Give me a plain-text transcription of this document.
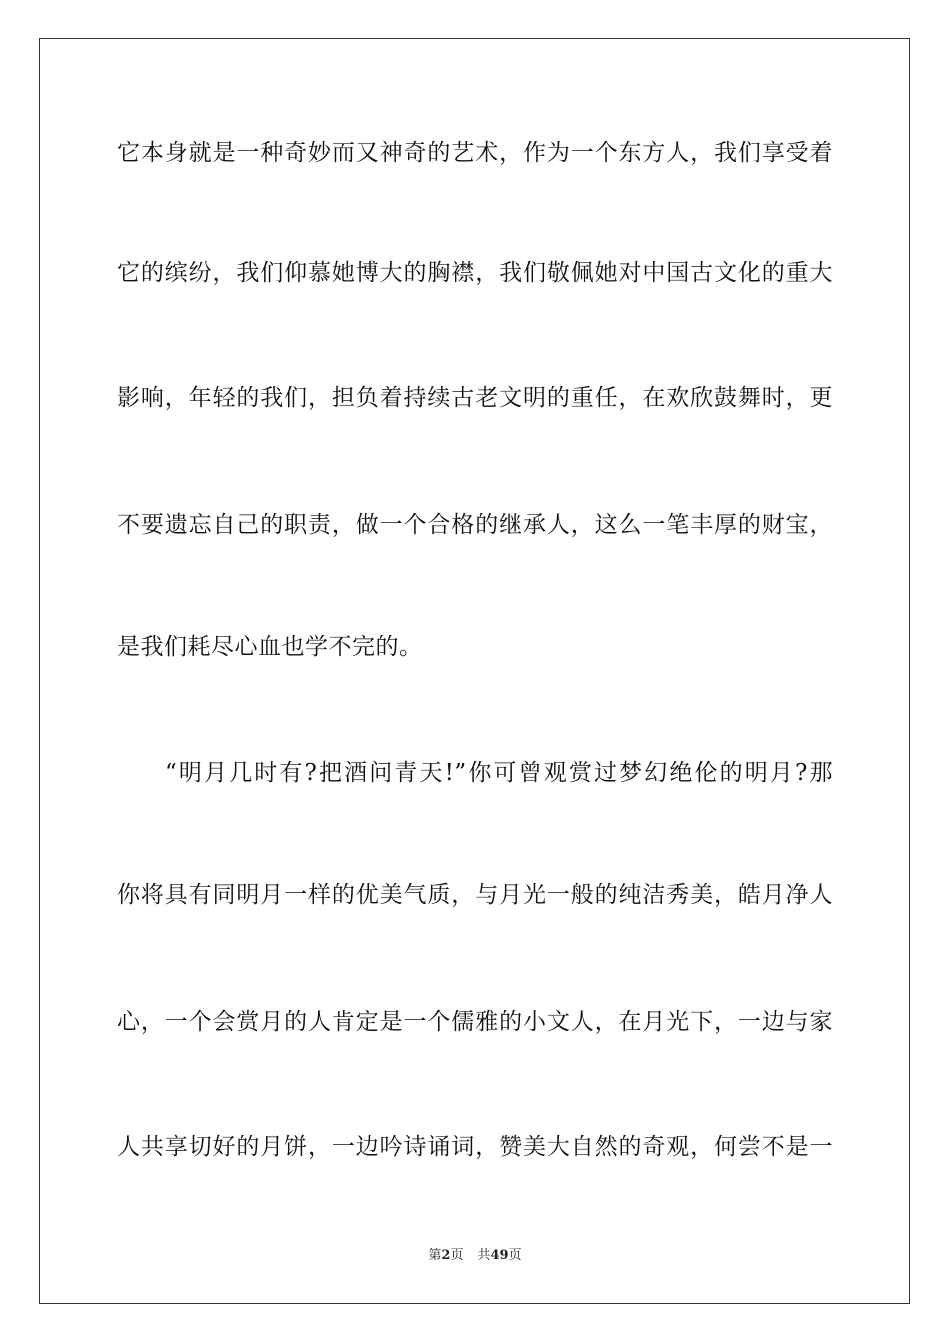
它本身就是一种奇妙而又神奇的艺术，作为一个东方人，我们享受着
它的缤纷，我们仰慕她博大的胸襟，我们敬佩她对中国古文化的重大
影响，年轻的我们，担负着持续古老文明的重任，在欢欣鼓舞时，更
不要遗忘自己的职责，做一个合格的继承人，这么一笔丰厚的财宝，
是我们耗尽心血也学不完的。
“明月几时有?把酒问青天!”你可曾观赏过梦幻绝伦的明月?那
你将具有同明月一样的优美气质，与月光一般的纯洁秀美，皓月净人
心，一个会赏月的人肯定是一个儒雅的小文人，在月光下，一边与家
人共享切好的月饼，一边吟诗诵词，赞美大自然的奇观，何尝不是一
第2页 共49页
